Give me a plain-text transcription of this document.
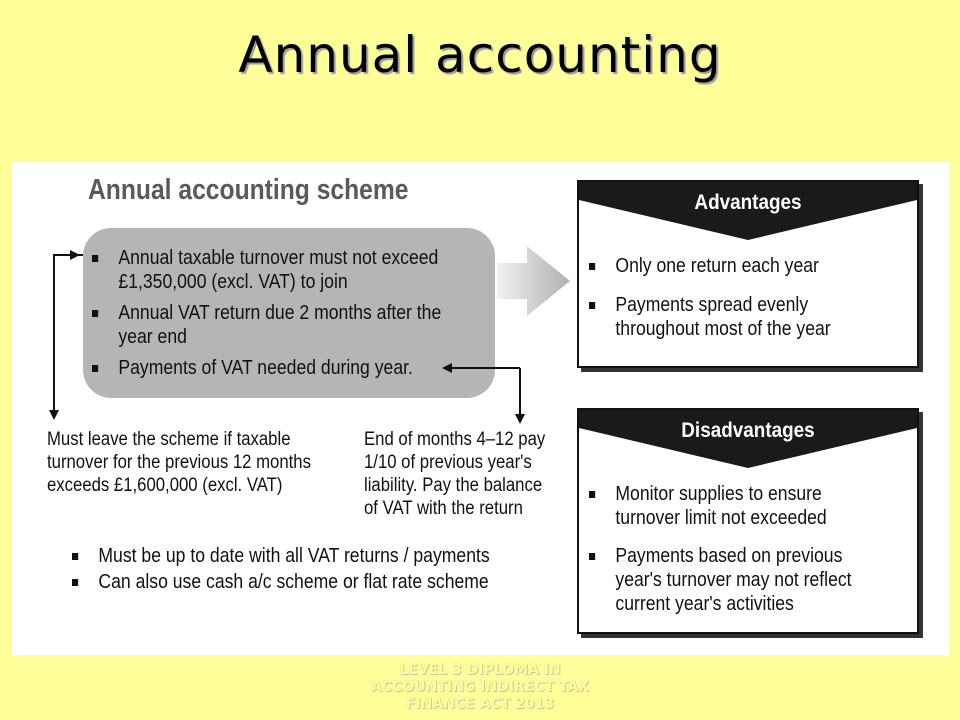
Annual accounting
Annual accounting scheme
Annual taxable turnover must not exceed £1,350,000 (excl. VAT) to join
Annual VAT return due 2 months after the year end
Payments of VAT needed during year.
Must leave the scheme if taxable turnover for the previous 12 months exceeds £1,600,000 (excl. VAT)
End of months 4–12 pay 1/10 of previous year's liability. Pay the balance of VAT with the return
Must be up to date with all VAT returns / payments
Can also use cash a/c scheme or flat rate scheme
Advantages
Only one return each year
Payments spread evenly throughout most of the year
Disadvantages
Monitor supplies to ensure turnover limit not exceeded
Payments based on previous year's turnover may not reflect current year's activities
LEVEL 3 DIPLOMA IN ACCOUNTING INDIRECT TAX FINANCE ACT 2013
